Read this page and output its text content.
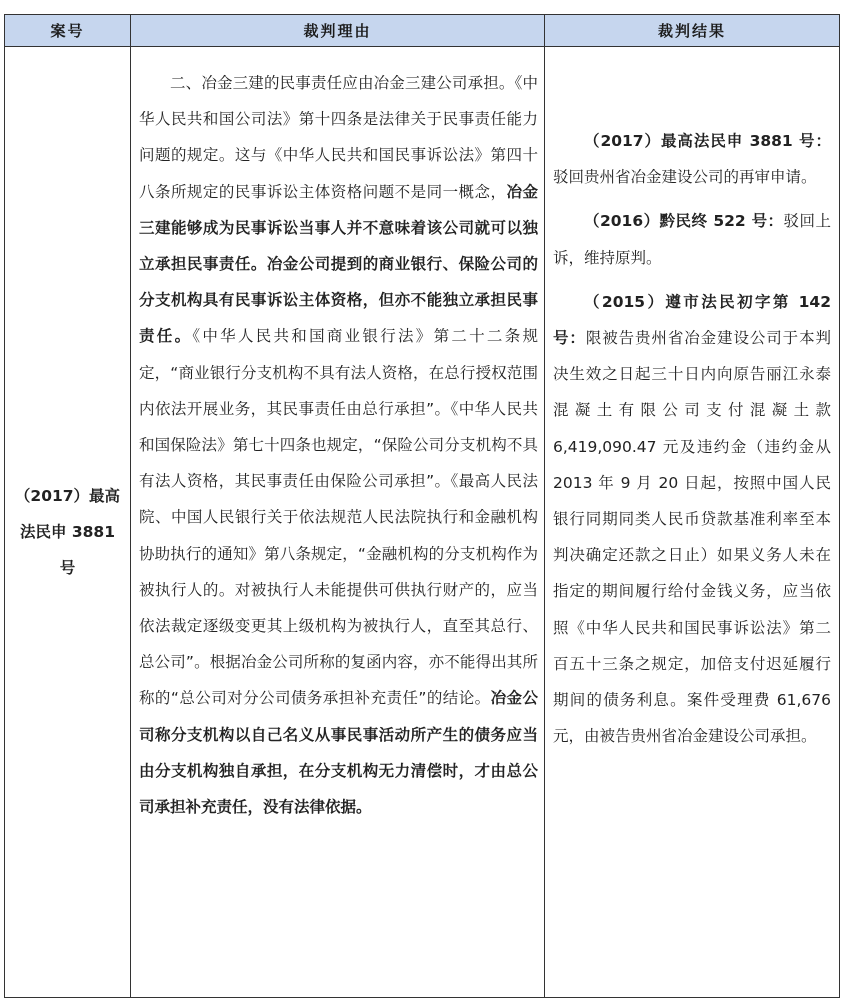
案号	裁判理由	裁判结果
（2017）最高法民申 3881 号

二、冶金三建的民事责任应由冶金三建公司承担。《中华人民共和国公司法》第十四条是法律关于民事责任能力问题的规定。这与《中华人民共和国民事诉讼法》第四十八条所规定的民事诉讼主体资格问题不是同一概念，冶金三建能够成为民事诉讼当事人并不意味着该公司就可以独立承担民事责任。冶金公司提到的商业银行、保险公司的分支机构具有民事诉讼主体资格，但亦不能独立承担民事责任。《中华人民共和国商业银行法》第二十二条规定，“商业银行分支机构不具有法人资格，在总行授权范围内依法开展业务，其民事责任由总行承担”。《中华人民共和国保险法》第七十四条也规定，“保险公司分支机构不具有法人资格，其民事责任由保险公司承担”。《最高人民法院、中国人民银行关于依法规范人民法院执行和金融机构协助执行的通知》第八条规定，“金融机构的分支机构作为被执行人的。对被执行人未能提供可供执行财产的，应当依法裁定逐级变更其上级机构为被执行人，直至其总行、总公司”。根据冶金公司所称的复函内容，亦不能得出其所称的“总公司对分公司债务承担补充责任”的结论。冶金公司称分支机构以自己名义从事民事活动所产生的债务应当由分支机构独自承担，在分支机构无力清偿时，才由总公司承担补充责任，没有法律依据。

（2017）最高法民申 3881 号：驳回贵州省冶金建设公司的再审申请。

（2016）黔民终 522 号：驳回上诉，维持原判。

（2015）遵市法民初字第 142 号：限被告贵州省冶金建设公司于本判决生效之日起三十日内向原告丽江永泰混凝土有限公司支付混凝土款 6,419,090.47 元及违约金（违约金从 2013 年 9 月 20 日起，按照中国人民银行同期同类人民币贷款基准利率至本判决确定还款之日止）如果义务人未在指定的期间履行给付金钱义务，应当依照《中华人民共和国民事诉讼法》第二百五十三条之规定，加倍支付迟延履行期间的债务利息。案件受理费 61,676 元，由被告贵州省冶金建设公司承担。
